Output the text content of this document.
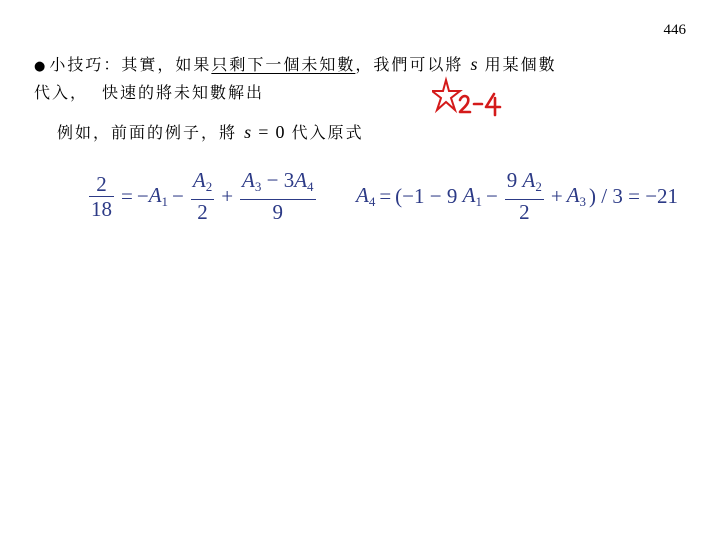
446
● 小技巧：其實，如果只剩下一個未知數，我們可以將 s 用某個數
代入， 快速的將未知數解出
例如，前面的例子，將 s = 0 代入原式
$\frac{2}{18}$ = − $A_1 - \frac{A_2}{2} + \frac{A_3 - 3A_4}{9} A_4 = (-1 - 9$ $A_1 - \frac{9 A_2}{2} + A_3$ ) / 3 = −21
